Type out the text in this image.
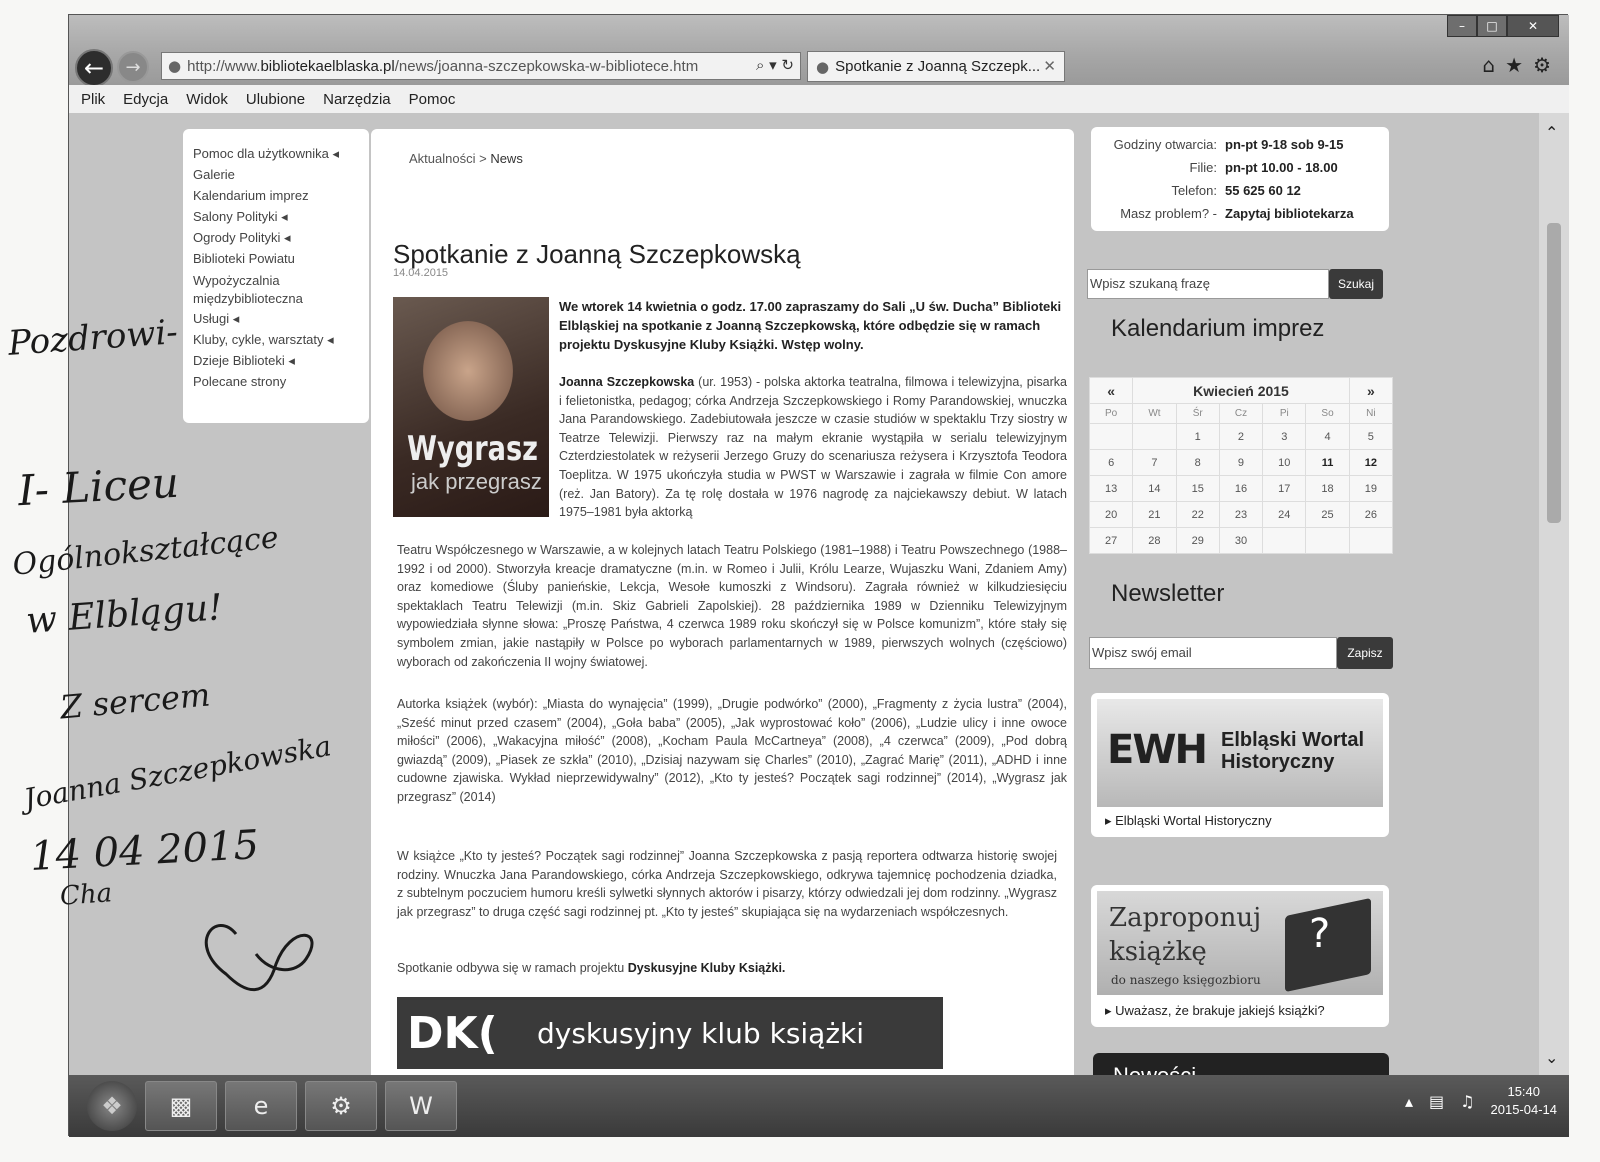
←	→	● http://www. bibliotekaelblaska.pl /news/joanna-szczepkowska-w-bibliotece.htm	⌕ ▾ ↻ ● Spotkanie z Joanną Szczepk... ✕
–	□	✕
⌂ ★ ⚙
Plik Edycja Widok Ulubione Narzędzia Pomoc
Pomoc dla użytkownika ◂
Galerie
Kalendarium imprez
Salony Polityki ◂
Ogrody Polityki ◂
Biblioteki Powiatu
Wypożyczalnia
międzybiblioteczna
Usługi ◂
Kluby, cykle, warsztaty ◂
Dzieje Biblioteki ◂
Polecane strony
Aktualności > News
Spotkanie z Joanną Szczepkowską
14.04.2015
Wygrasz
jak przegrasz
We wtorek 14 kwietnia o godz. 17.00 zapraszamy do Sali „U św. Ducha” Biblioteki Elbląskiej na spotkanie z Joanną Szczepkowską, które odbędzie się w ramach projektu Dyskusyjne Kluby Książki. Wstęp wolny.
Joanna Szczepkowska (ur. 1953) - polska aktorka teatralna, filmowa i telewizyjna, pisarka i felietonistka, pedagog; córka Andrzeja Szczepkowskiego i Romy Parandowskiej, wnuczka Jana Parandowskiego. Zadebiutowała jeszcze w czasie studiów w spektaklu Trzy siostry w Teatrze Telewizji. Pierwszy raz na małym ekranie wystąpiła w serialu telewizyjnym Czterdziestolatek w reżyserii Jerzego Gruzy do scenariusza reżysera i Krzysztofa Teodora Toeplitza. W 1975 ukończyła studia w PWST w Warszawie i zagrała w filmie Con amore (reż. Jan Batory). Za tę rolę dostała w 1976 nagrodę za najciekawszy debiut. W latach 1975–1981 była aktorką
Teatru Współczesnego w Warszawie, a w kolejnych latach Teatru Polskiego (1981–1988) i Teatru Powszechnego (1988–1992 i od 2000). Stworzyła kreacje dramatyczne (m.in. w Romeo i Julii, Królu Learze, Wujaszku Wani, Zdaniem Amy) oraz komediowe (Śluby panieńskie, Lekcja, Wesołe kumoszki z Windsoru). Zagrała również w kilkudziesięciu spektaklach Teatru Telewizji (m.in. Skiz Gabrieli Zapolskiej). 28 października 1989 w Dzienniku Telewizyjnym wypowiedziała słynne słowa: „Proszę Państwa, 4 czerwca 1989 roku skończył się w Polsce komunizm”, które stały się symbolem zmian, jakie nastąpiły w Polsce po wyborach parlamentarnych w 1989, pierwszych wolnych (częściowo) wyborach od zakończenia II wojny światowej.
Autorka książek (wybór): „Miasta do wynajęcia” (1999), „Drugie podwórko” (2000), „Fragmenty z życia lustra” (2004), „Sześć minut przed czasem” (2004), „Goła baba” (2005), „Jak wyprostować koło” (2006), „Ludzie ulicy i inne owoce miłości” (2006), „Wakacyjna miłość” (2008), „Kocham Paula McCartneya” (2008), „4 czerwca” (2009), „Pod dobrą gwiazdą” (2009), „Piasek ze szkła” (2010), „Dzisiaj nazywam się Charles” (2010), „Zagrać Marię” (2011), „ADHD i inne cudowne zjawiska. Wykład nieprzewidywalny” (2012), „Kto ty jesteś? Początek sagi rodzinnej” (2014), „Wygrasz jak przegrasz” (2014)
W książce „Kto ty jesteś? Początek sagi rodzinnej” Joanna Szczepkowska z pasją reportera odtwarza historię swojej rodziny. Wnuczka Jana Parandowskiego, córka Andrzeja Szczepkowskiego, odkrywa tajemnicę pochodzenia dziadka, z subtelnym poczuciem humoru kreśli sylwetki słynnych aktorów i pisarzy, którzy odwiedzali jej dom rodzinny. „Wygrasz jak przegrasz” to druga część sagi rodzinnej pt. „Kto ty jesteś” skupiająca się na wydarzeniach współczesnych.
Spotkanie odbywa się w ramach projektu Dyskusyjne Kluby Książki.
DK(	dyskusyjny klub książki
Godziny otwarcia: pn-pt 9-18 sob 9-15
Filie: pn-pt 10.00 - 18.00
Telefon: 55 625 60 12
Masz problem? - Zapytaj bibliotekarza
Wpisz szukaną frazę	Szukaj
Kalendarium imprez
«	Kwiecień 2015					»
Po	Wt	Śr	Cz	Pi	So	Ni
		1	2	3	4	5
6	7	8	9	10	11	12
13	14	15	16	17	18	19
20	21	22	23	24	25	26
27	28	29	30			
Newsletter
Wpisz swój email	Zapisz
EWH Elbląski Wortal
Historyczny
▸ Elbląski Wortal Historyczny
Zaproponuj
książkę
do naszego księgozbioru
?
▸ Uważasz, że brakuje jakiejś książki?
⌃
⌄
❖	▩	e	⚙	W	▴ ▤ ♫	15:40
2015-04-14
Pozdrowi-
I- Liceu
Ogólnokształcące
w Elblągu!
Z sercem
Joanna Szczepkowska
14 04 2015
Cha
